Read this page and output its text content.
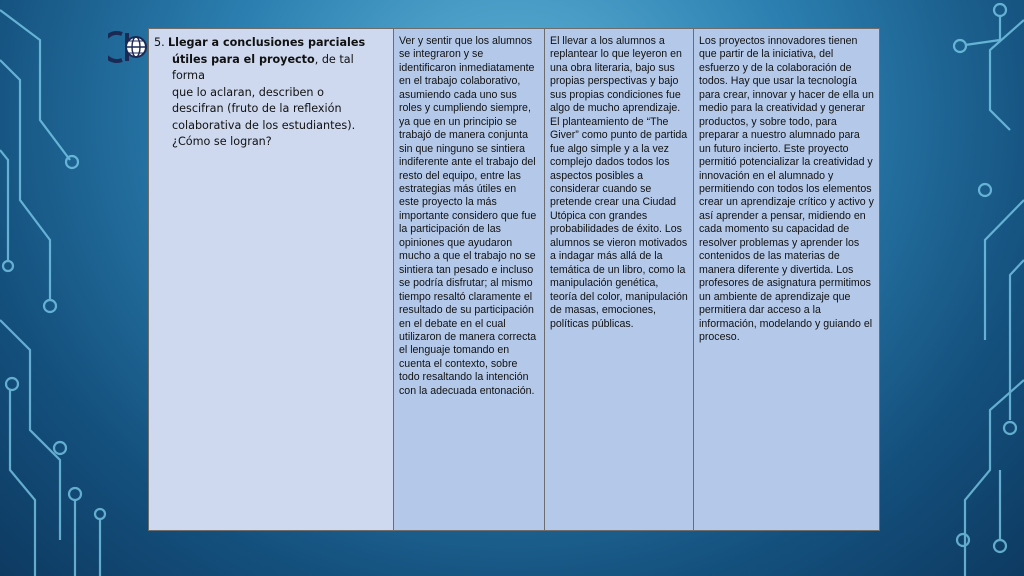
5. Llegar a conclusiones parciales
útiles para el proyecto, de tal forma
que lo aclaran, describen o
descifran (fruto de la reflexión
colaborativa de los estudiantes).
¿Cómo se logran?
	Ver y sentir que los alumnos se integraron y se identificaron inmediatamente en el trabajo colaborativo, asumiendo cada uno sus roles y cumpliendo siempre, ya que en un principio se trabajó de manera conjunta sin que ninguno se sintiera indiferente ante el trabajo del resto del equipo, entre las estrategias más útiles en este proyecto la más importante considero que fue la participación de las opiniones que ayudaron mucho a que el trabajo no se sintiera tan pesado e incluso se podría disfrutar; al mismo tiempo resaltó claramente el resultado de su participación en el debate en el cual utilizaron de manera correcta el lenguaje tomando en cuenta el contexto, sobre todo resaltando la intención con la adecuada entonación.	El llevar a los alumnos a replantear lo que leyeron en una obra literaria, bajo sus propias perspectivas y bajo sus propias condiciones fue algo de mucho aprendizaje. El planteamiento de “The Giver” como punto de partida fue algo simple y a la vez complejo dados todos los aspectos posibles a considerar cuando se pretende crear una Ciudad Utópica con grandes probabilidades de éxito. Los alumnos se vieron motivados a indagar más allá de la temática de un libro, como la manipulación genética, teoría del color, manipulación de masas, emociones, políticas públicas.	Los proyectos innovadores tienen que partir de la iniciativa, del esfuerzo y de la colaboración de todos. Hay que usar la tecnología para crear, innovar y hacer de ella un medio para la creatividad y generar productos, y sobre todo, para preparar a nuestro alumnado para un futuro incierto. Este proyecto permitió potencializar la creatividad y innovación en el alumnado y permitiendo con todos los elementos crear un aprendizaje crítico y activo y así aprender a pensar, midiendo en cada momento su capacidad de resolver problemas y aprender los contenidos de las materias de manera diferente y divertida. Los profesores de asignatura permitimos un ambiente de aprendizaje que permitiera dar acceso a la información, modelando y guiando el proceso.
